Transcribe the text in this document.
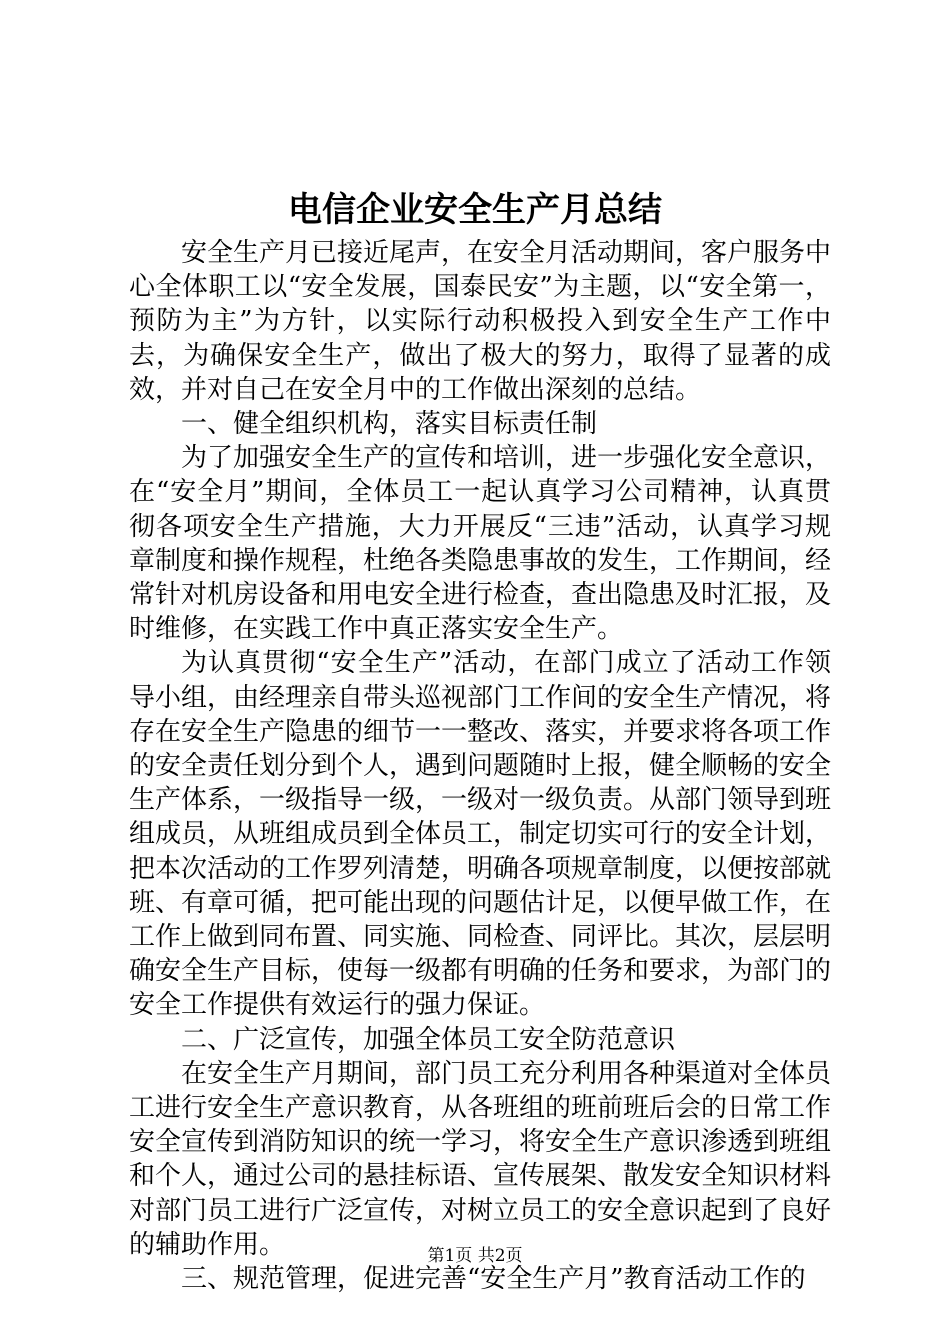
电信企业安全生产月总结

安全生产月已接近尾声，在安全月活动期间，客户服务中心全体职工以“安全发展，国泰民安”为主题，以“安全第一，预防为主”为方针，以实际行动积极投入到安全生产工作中去，为确保安全生产，做出了极大的努力，取得了显著的成效，并对自己在安全月中的工作做出深刻的总结。

一、健全组织机构，落实目标责任制

为了加强安全生产的宣传和培训，进一步强化安全意识，在“安全月”期间，全体员工一起认真学习公司精神，认真贯彻各项安全生产措施，大力开展反“三违”活动，认真学习规章制度和操作规程，杜绝各类隐患事故的发生，工作期间，经常针对机房设备和用电安全进行检查，查出隐患及时汇报，及时维修，在实践工作中真正落实安全生产。

为认真贯彻“安全生产”活动，在部门成立了活动工作领导小组，由经理亲自带头巡视部门工作间的安全生产情况，将存在安全生产隐患的细节一一整改、落实，并要求将各项工作的安全责任划分到个人，遇到问题随时上报，健全顺畅的安全生产体系，一级指导一级，一级对一级负责。从部门领导到班组成员，从班组成员到全体员工，制定切实可行的安全计划，把本次活动的工作罗列清楚，明确各项规章制度，以便按部就班、有章可循，把可能出现的问题估计足，以便早做工作，在工作上做到同布置、同实施、同检查、同评比。其次，层层明确安全生产目标，使每一级都有明确的任务和要求，为部门的安全工作提供有效运行的强力保证。

二、广泛宣传，加强全体员工安全防范意识

在安全生产月期间，部门员工充分利用各种渠道对全体员工进行安全生产意识教育，从各班组的班前班后会的日常工作安全宣传到消防知识的统一学习，将安全生产意识渗透到班组和个人，通过公司的悬挂标语、宣传展架、散发安全知识材料对部门员工进行广泛宣传，对树立员工的安全意识起到了良好的辅助作用。

三、规范管理，促进完善“安全生产月”教育活动工作的

第1页 共2页
